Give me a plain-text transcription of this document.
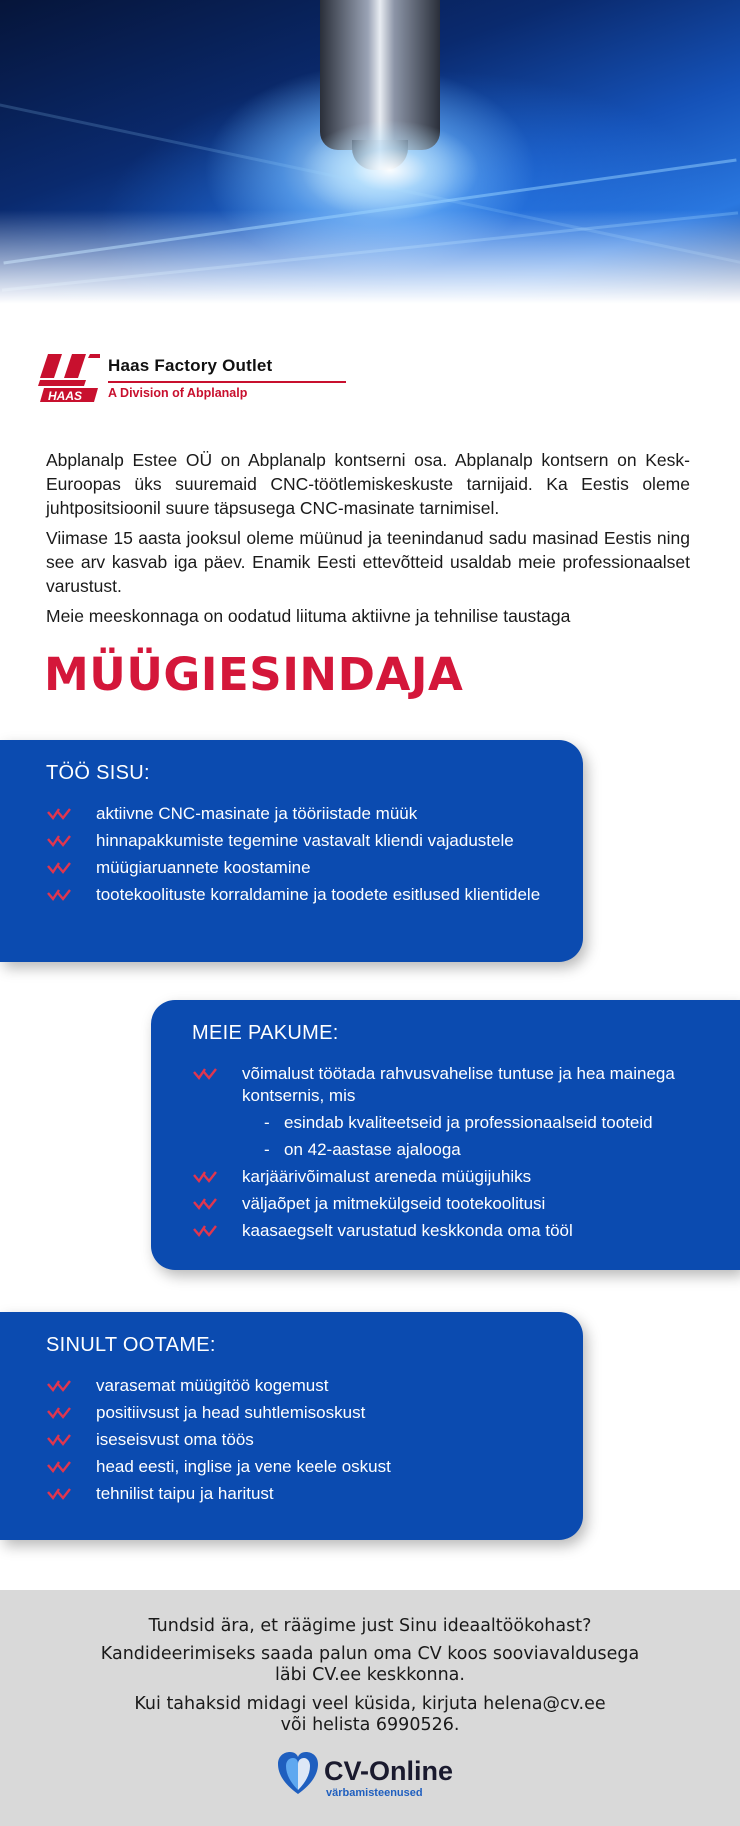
HAAS
Haas Factory Outlet
A Division of Abplanalp

Abplanalp Estee OÜ on Abplanalp kontserni osa. Abplanalp kontsern on Kesk-Euroopas üks suuremaid CNC-töötlemiskeskuste tarnijaid. Ka Eestis oleme juhtpositsioonil suure täpsusega CNC-masinate tarnimisel.

Viimase 15 aasta jooksul oleme müünud ja teenindanud sadu masinad Eestis ning see arv kasvab iga päev. Enamik Eesti ettevõtteid usaldab meie professionaalset varustust.

Meie meeskonnaga on oodatud liituma aktiivne ja tehnilise taustaga

MÜÜGIESINDAJA
TÖÖ SISU:
aktiivne CNC-masinate ja tööriistade müük
hinnapakkumiste tegemine vastavalt kliendi vajadustele
müügiaruannete koostamine
tootekoolituste korraldamine ja toodete esitlused klientidele
MEIE PAKUME:
võimalust töötada rahvusvahelise tuntuse ja hea mainega kontsernis, mis
- esindab kvaliteetseid ja professionaalseid tooteid
- on 42-aastase ajalooga
karjäärivõimalust areneda müügijuhiks
väljaõpet ja mitmekülgseid tootekoolitusi
kaasaegselt varustatud keskkonda oma tööl
SINULT OOTAME:
varasemat müügitöö kogemust
positiivsust ja head suhtlemisoskust
iseseisvust oma töös
head eesti, inglise ja vene keele oskust
tehnilist taipu ja haritust

Tundsid ära, et räägime just Sinu ideaaltöökohast?

Kandideerimiseks saada palun oma CV koos sooviavaldusega

läbi CV.ee keskkonna.

Kui tahaksid midagi veel küsida, kirjuta helena@cv.ee

või helista 6990526.

CV-Online
värbamisteenused
